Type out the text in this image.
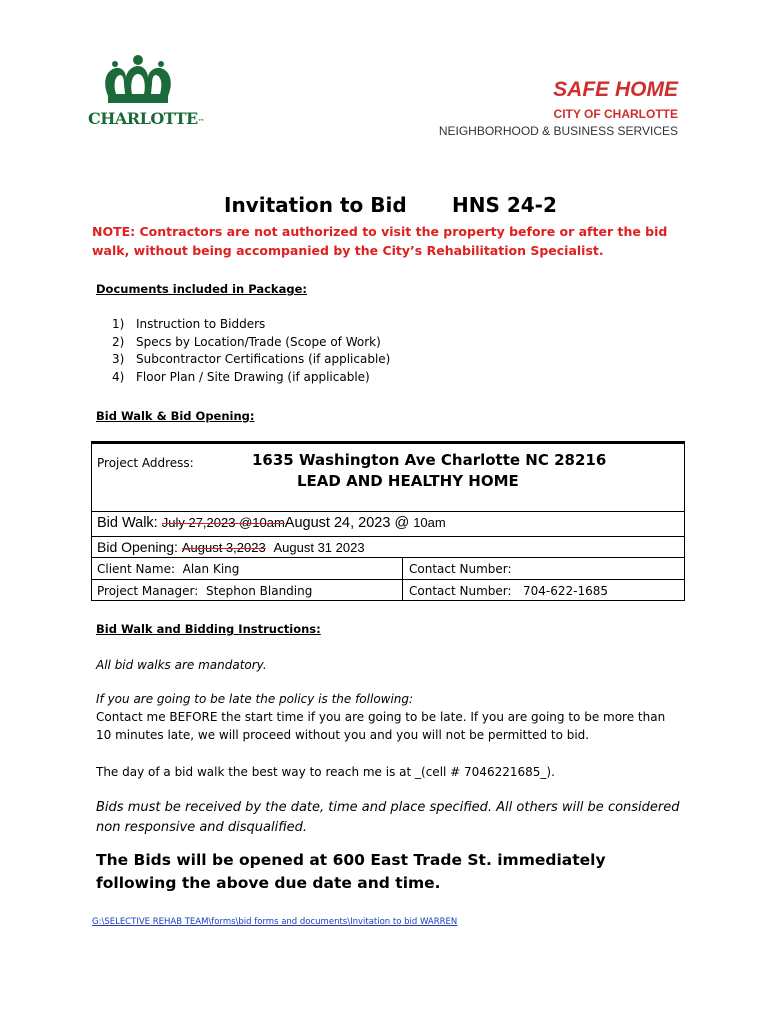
CHARLOTTE™
SAFE HOME
CITY OF CHARLOTTE
NEIGHBORHOOD & BUSINESS SERVICES
Invitation to Bid HNS 24-2
NOTE: Contractors are not authorized to visit the property before or after the bid walk, without being accompanied by the City’s Rehabilitation Specialist.
Documents included in Package:
1) Instruction to Bidders
2) Specs by Location/Trade (Scope of Work)
3) Subcontractor Certifications (if applicable)
4) Floor Plan / Site Drawing (if applicable)
Bid Walk & Bid Opening:
Project Address:	1635 Washington Ave Charlotte NC 28216
LEAD AND HEALTHY HOME
Bid Walk: July 27,2023 @10amAugust 24, 2023 @ 10am
Bid Opening: August 3,2023 August 31 2023
Client Name: Alan King	Contact Number:
Project Manager: Stephon Blanding	Contact Number: 704-622-1685
Bid Walk and Bidding Instructions:
All bid walks are mandatory.
If you are going to be late the policy is the following:
Contact me BEFORE the start time if you are going to be late. If you are going to be more than 10 minutes late, we will proceed without you and you will not be permitted to bid.
The day of a bid walk the best way to reach me is at _(cell # 7046221685_).
Bids must be received by the date, time and place specified. All others will be considered non responsive and disqualified.
The Bids will be opened at 600 East Trade St. immediately following the above due date and time.
G:\SELECTIVE REHAB TEAM\forms\bid forms and documents\Invitation to bid WARREN
